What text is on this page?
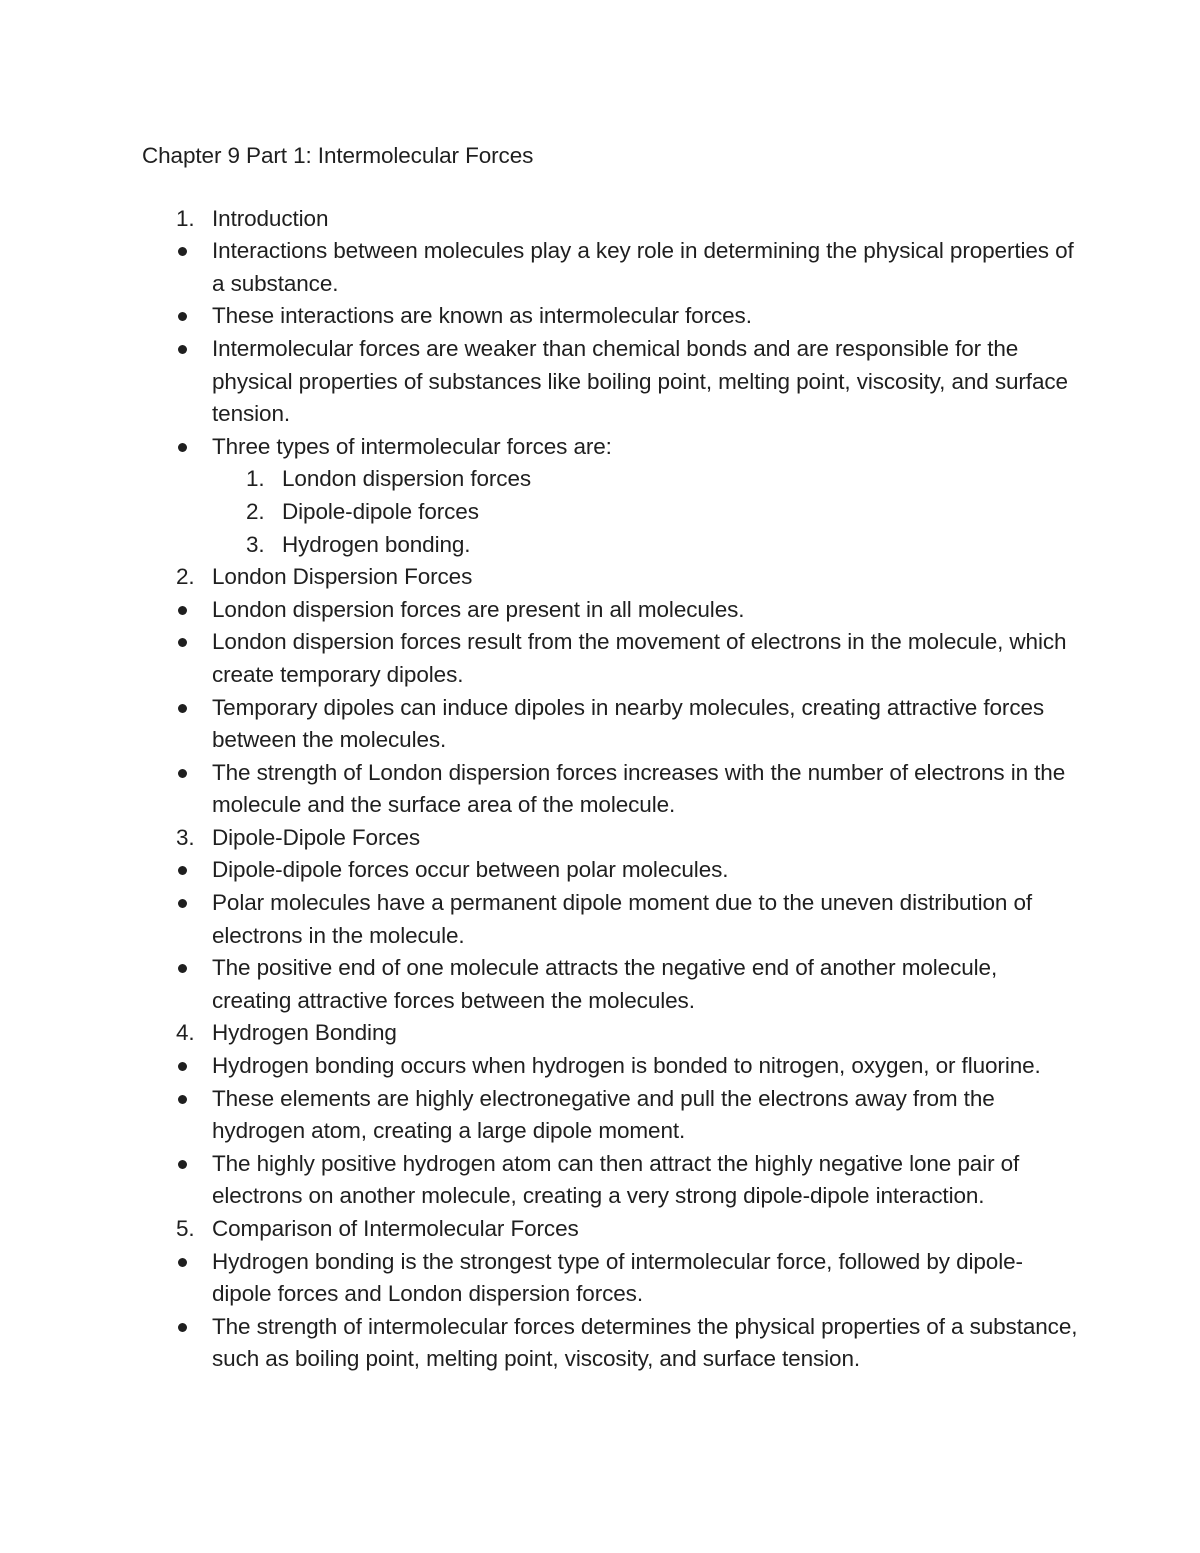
Chapter 9 Part 1: Intermolecular Forces
1. Introduction
Interactions between molecules play a key role in determining the physical properties of a substance.
These interactions are known as intermolecular forces.
Intermolecular forces are weaker than chemical bonds and are responsible for the physical properties of substances like boiling point, melting point, viscosity, and surface tension.
Three types of intermolecular forces are:
1. London dispersion forces
2. Dipole-dipole forces
3. Hydrogen bonding.
2. London Dispersion Forces
London dispersion forces are present in all molecules.
London dispersion forces result from the movement of electrons in the molecule, which create temporary dipoles.
Temporary dipoles can induce dipoles in nearby molecules, creating attractive forces between the molecules.
The strength of London dispersion forces increases with the number of electrons in the molecule and the surface area of the molecule.
3. Dipole-Dipole Forces
Dipole-dipole forces occur between polar molecules.
Polar molecules have a permanent dipole moment due to the uneven distribution of electrons in the molecule.
The positive end of one molecule attracts the negative end of another molecule, creating attractive forces between the molecules.
4. Hydrogen Bonding
Hydrogen bonding occurs when hydrogen is bonded to nitrogen, oxygen, or fluorine.
These elements are highly electronegative and pull the electrons away from the hydrogen atom, creating a large dipole moment.
The highly positive hydrogen atom can then attract the highly negative lone pair of electrons on another molecule, creating a very strong dipole-dipole interaction.
5. Comparison of Intermolecular Forces
Hydrogen bonding is the strongest type of intermolecular force, followed by dipole-dipole forces and London dispersion forces.
The strength of intermolecular forces determines the physical properties of a substance, such as boiling point, melting point, viscosity, and surface tension.
